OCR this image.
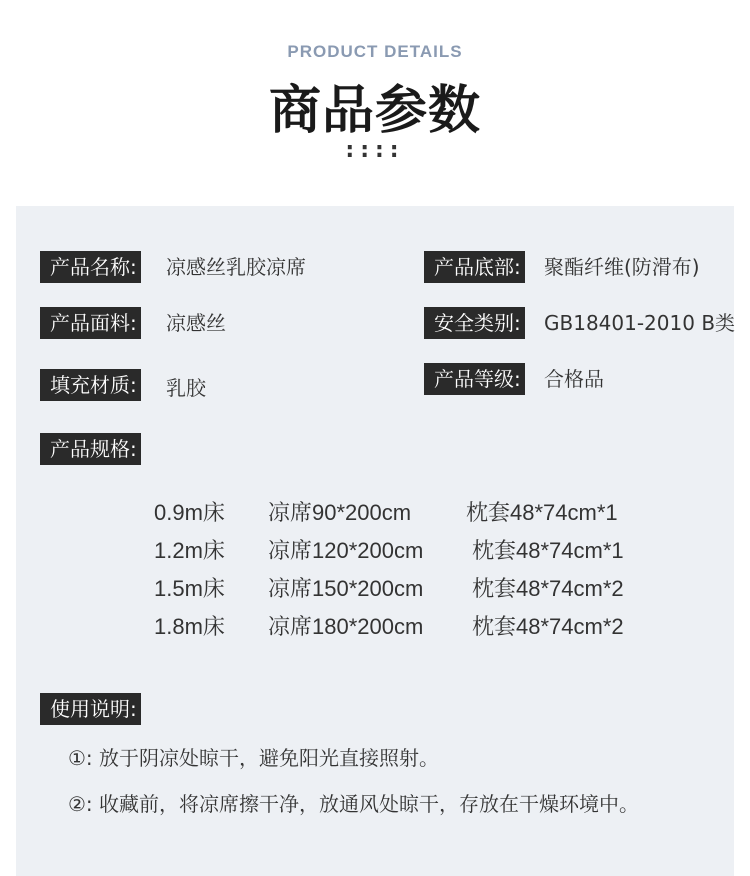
PRODUCT DETAILS
商品参数
::::
产品名称: 凉感丝乳胶凉席	产品底部: 聚酯纤维(防滑布)
产品面料: 凉感丝	安全类别: GB18401-2010 B类
填充材质: 乳胶	产品等级: 合格品
产品规格:
0.9m床 凉席90*200cm 枕套48*74cm*1
1.2m床 凉席120*200cm 枕套48*74cm*1
1.5m床 凉席150*200cm 枕套48*74cm*2
1.8m床 凉席180*200cm 枕套48*74cm*2
使用说明:
①: 放于阴凉处晾干，避免阳光直接照射。
②: 收藏前，将凉席擦干净，放通风处晾干，存放在干燥环境中。
